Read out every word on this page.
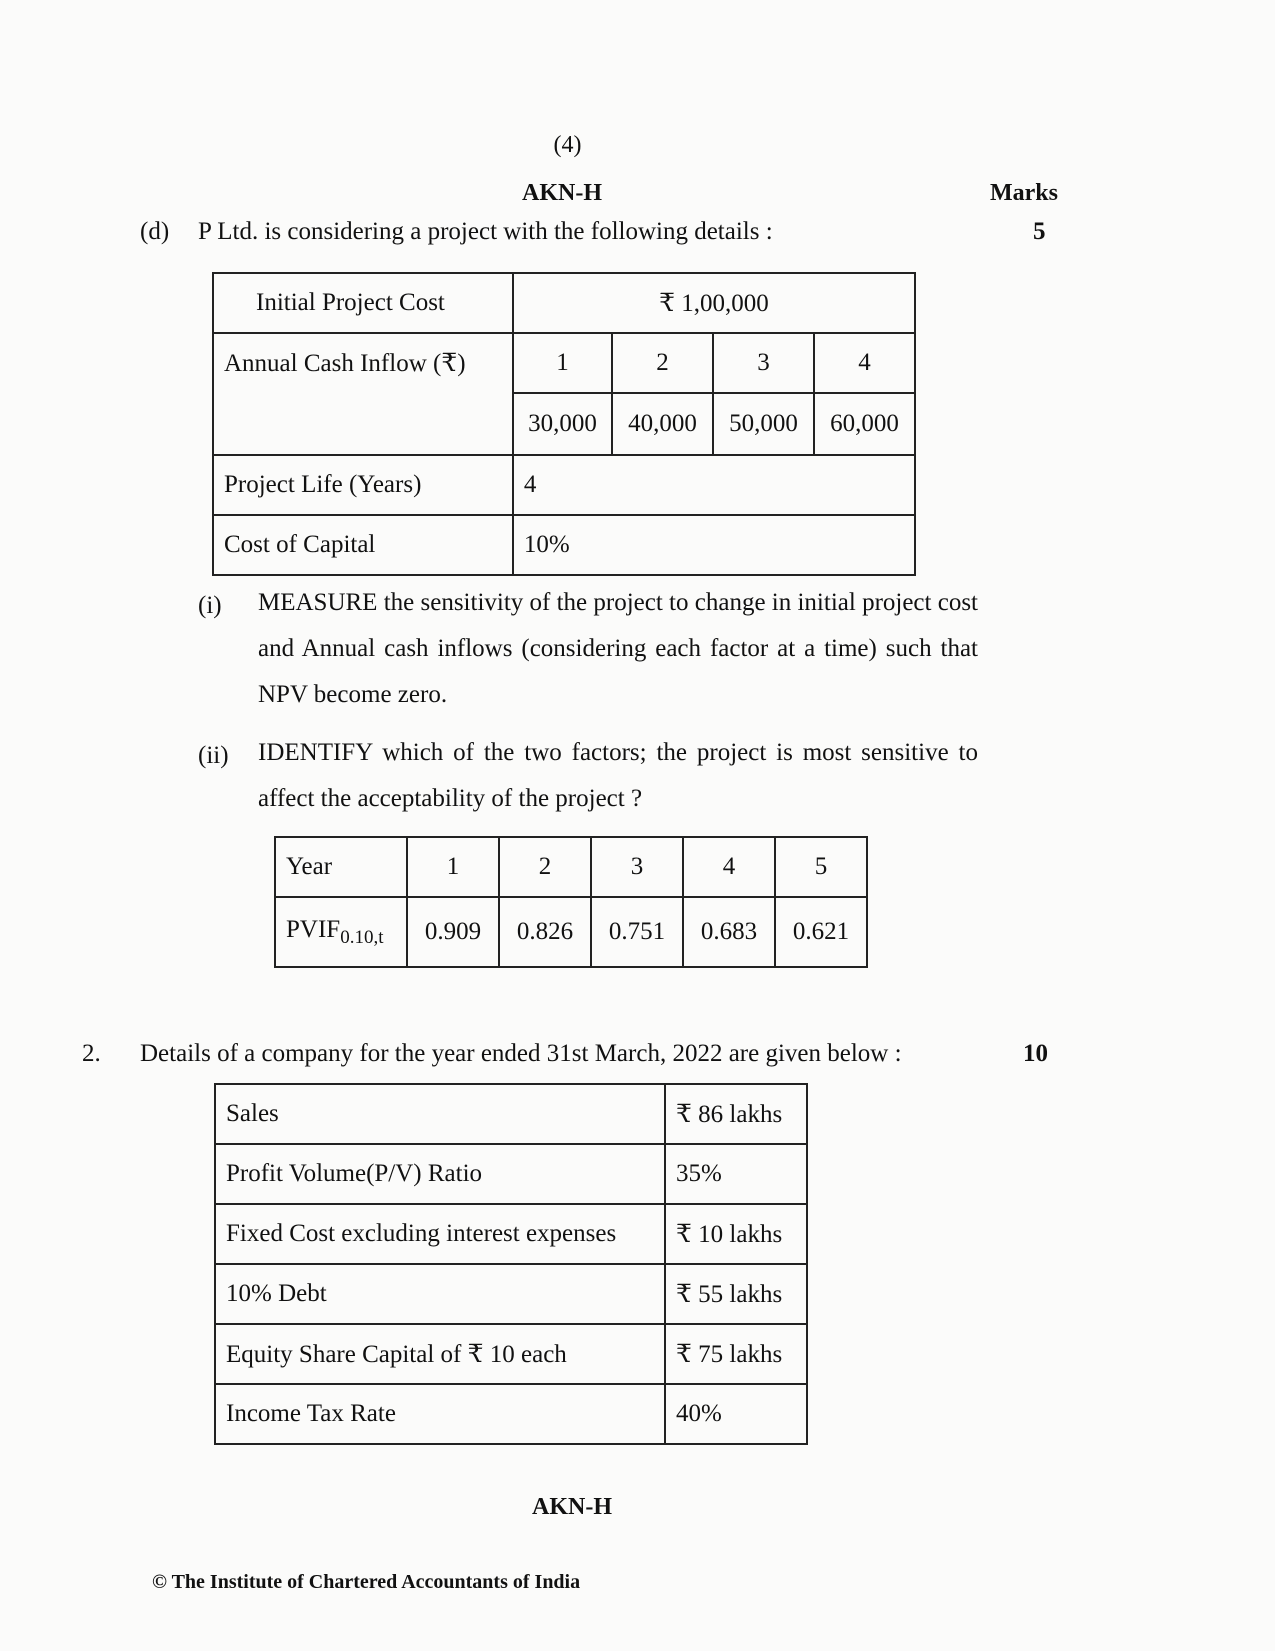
(4)
AKN-H	Marks
(d) P Ltd. is considering a project with the following details :	5
Initial Project Cost	₹ 1,00,000			
Annual Cash Inflow (₹)	1	2	3	4
	30,000	40,000	50,000	60,000
Project Life (Years)	4			
Cost of Capital	10%			
(i) MEASURE the sensitivity of the project to change in initial project cost and Annual cash inflows (considering each factor at a time) such that NPV become zero.
(ii) IDENTIFY which of the two factors; the project is most sensitive to affect the acceptability of the project ?
Year	1	2	3	4	5
$PVIF_{0.10,t}$	0.909	0.826	0.751	0.683	0.621
2. Details of a company for the year ended 31st March, 2022 are given below :	10
Sales	₹ 86 lakhs
Profit Volume(P/V) Ratio	35%
Fixed Cost excluding interest expenses	₹ 10 lakhs
10% Debt	₹ 55 lakhs
Equity Share Capital of ₹ 10 each	₹ 75 lakhs
Income Tax Rate	40%
AKN-H
© The Institute of Chartered Accountants of India
